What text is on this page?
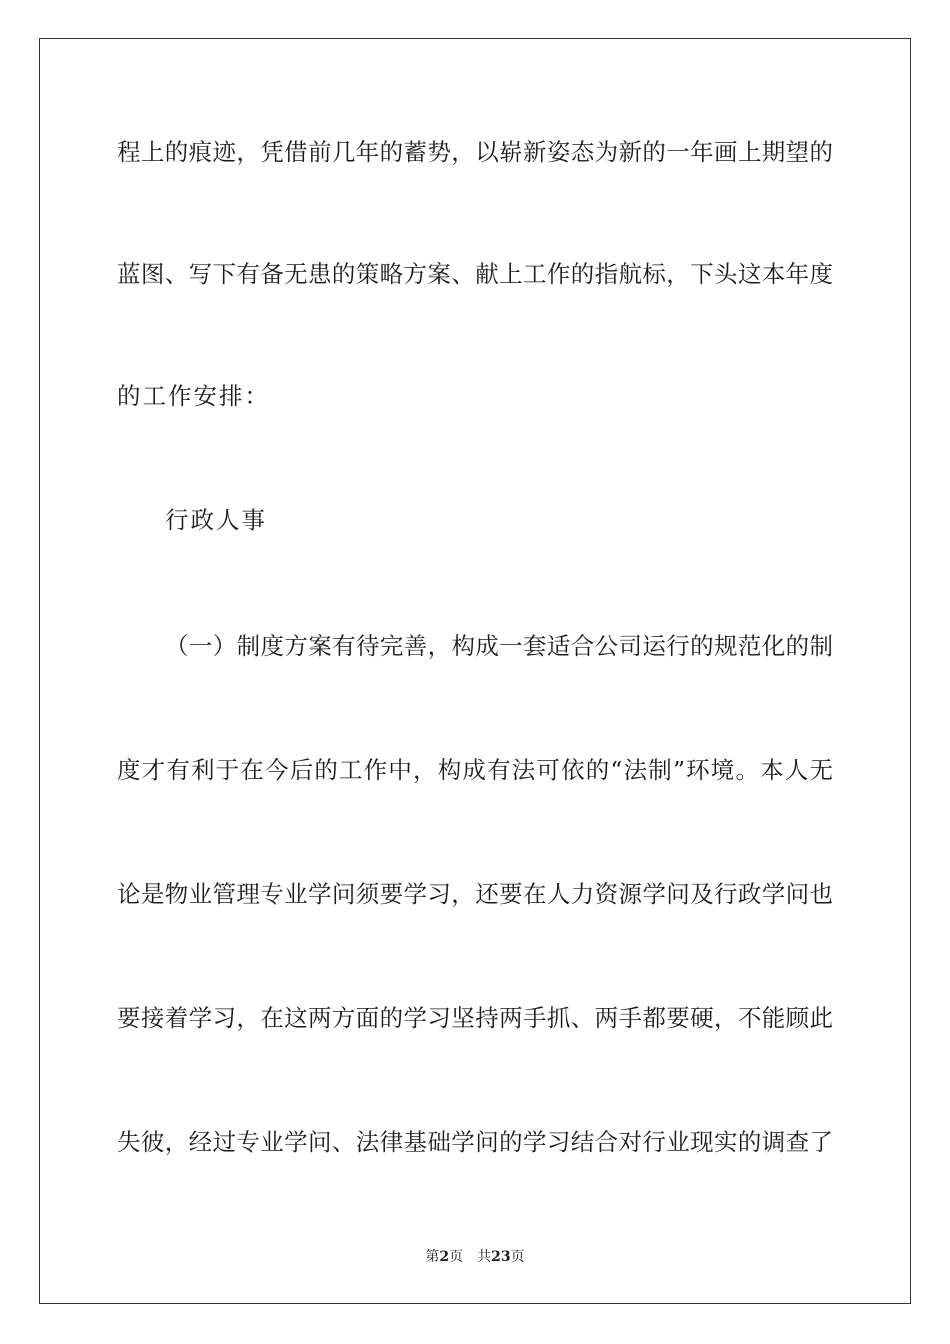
程上的痕迹，凭借前几年的蓄势，以崭新姿态为新的一年画上期望的
蓝图、写下有备无患的策略方案、献上工作的指航标，下头这本年度
的工作安排：
行政人事
（一）制度方案有待完善，构成一套适合公司运行的规范化的制
度才有利于在今后的工作中，构成有法可依的“法制”环境。本人无
论是物业管理专业学问须要学习，还要在人力资源学问及行政学问也
要接着学习，在这两方面的学习坚持两手抓、两手都要硬，不能顾此
失彼，经过专业学问、法律基础学问的学习结合对行业现实的调查了
第2页 共23页
